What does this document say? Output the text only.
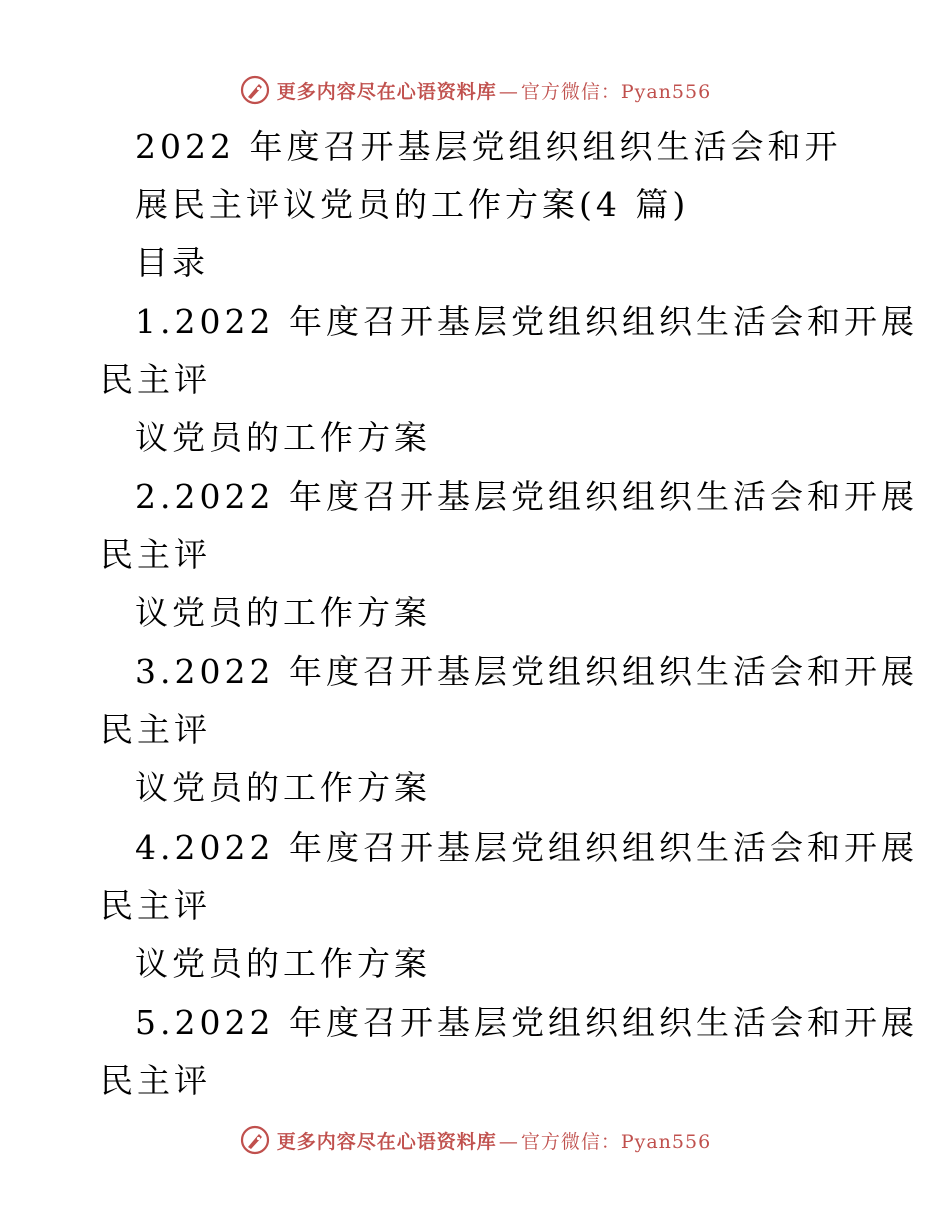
更多内容尽在心语资料库 — 官方微信：Pyan556
2022 年度召开基层党组织组织生活会和开
展民主评议党员的工作方案(4 篇)
目录
1.2022 年度召开基层党组织组织生活会和开展
民主评
议党员的工作方案
2.2022 年度召开基层党组织组织生活会和开展
民主评
议党员的工作方案
3.2022 年度召开基层党组织组织生活会和开展
民主评
议党员的工作方案
4.2022 年度召开基层党组织组织生活会和开展
民主评
议党员的工作方案
5.2022 年度召开基层党组织组织生活会和开展
民主评
更多内容尽在心语资料库 — 官方微信：Pyan556
